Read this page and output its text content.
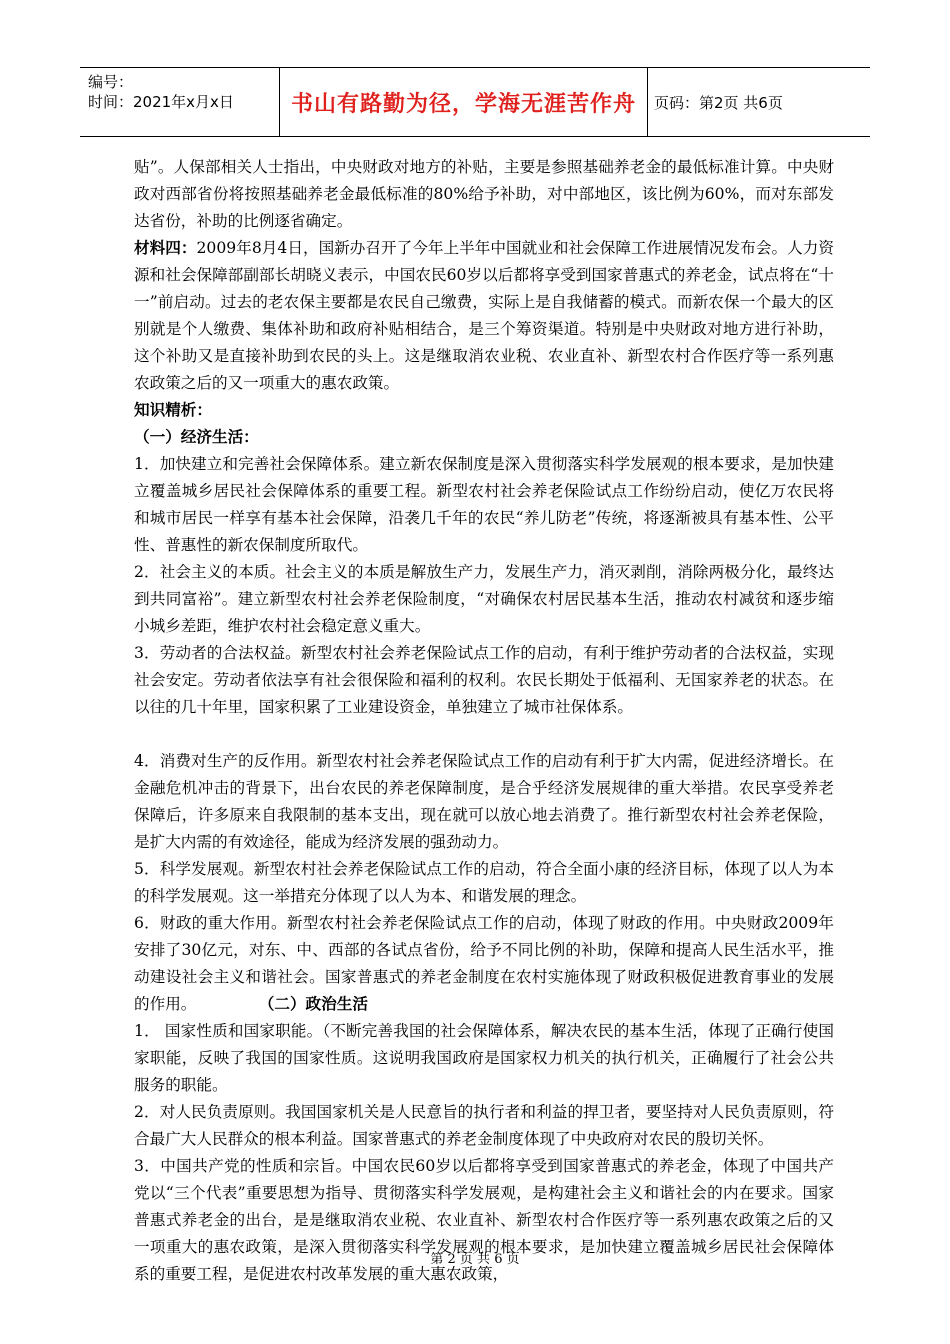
编号：
时间：2021年x月x日	书山有路勤为径，学海无涯苦作舟	页码：第2页 共6页

贴”。人保部相关人士指出，中央财政对地方的补贴，主要是参照基础养老金的最低标准计算。中央财政对西部省份将按照基础养老金最低标准的80%给予补助，对中部地区，该比例为60%，而对东部发达省份，补助的比例逐省确定。

材料四：2009年8月4日，国新办召开了今年上半年中国就业和社会保障工作进展情况发布会。人力资源和社会保障部副部长胡晓义表示，中国农民60岁以后都将享受到国家普惠式的养老金，试点将在“十一”前启动。过去的老农保主要都是农民自己缴费，实际上是自我储蓄的模式。而新农保一个最大的区别就是个人缴费、集体补助和政府补贴相结合，是三个筹资渠道。特别是中央财政对地方进行补助，这个补助又是直接补助到农民的头上。这是继取消农业税、农业直补、新型农村合作医疗等一系列惠农政策之后的又一项重大的惠农政策。

知识精析：

（一）经济生活：

1．加快建立和完善社会保障体系。建立新农保制度是深入贯彻落实科学发展观的根本要求，是加快建立覆盖城乡居民社会保障体系的重要工程。新型农村社会养老保险试点工作纷纷启动，使亿万农民将和城市居民一样享有基本社会保障，沿袭几千年的农民“养儿防老”传统，将逐渐被具有基本性、公平性、普惠性的新农保制度所取代。

2．社会主义的本质。社会主义的本质是解放生产力，发展生产力，消灭剥削，消除两极分化，最终达到共同富裕”。建立新型农村社会养老保险制度，“对确保农村居民基本生活，推动农村减贫和逐步缩小城乡差距，维护农村社会稳定意义重大。

3．劳动者的合法权益。新型农村社会养老保险试点工作的启动，有利于维护劳动者的合法权益，实现社会安定。劳动者依法享有社会很保险和福利的权利。农民长期处于低福利、无国家养老的状态。在以往的几十年里，国家积累了工业建设资金，单独建立了城市社保体系。

4．消费对生产的反作用。新型农村社会养老保险试点工作的启动有利于扩大内需，促进经济增长。在金融危机冲击的背景下，出台农民的养老保障制度，是合乎经济发展规律的重大举措。农民享受养老保障后，许多原来自我限制的基本支出，现在就可以放心地去消费了。推行新型农村社会养老保险，是扩大内需的有效途径，能成为经济发展的强劲动力。

5．科学发展观。新型农村社会养老保险试点工作的启动，符合全面小康的经济目标，体现了以人为本的科学发展观。这一举措充分体现了以人为本、和谐发展的理念。

6．财政的重大作用。新型农村社会养老保险试点工作的启动，体现了财政的作用。中央财政2009年安排了30亿元，对东、中、西部的各试点省份，给予不同比例的补助，保障和提高人民生活水平，推动建设社会主义和谐社会。国家普惠式的养老金制度在农村实施体现了财政积极促进教育事业的发展的作用。    	（二）政治生活

1． 国家性质和国家职能。（不断完善我国的社会保障体系，解决农民的基本生活，体现了正确行使国家职能，反映了我国的国家性质。这说明我国政府是国家权力机关的执行机关，正确履行了社会公共服务的职能。

2．对人民负责原则。我国国家机关是人民意旨的执行者和利益的捍卫者，要坚持对人民负责原则，符合最广大人民群众的根本利益。国家普惠式的养老金制度体现了中央政府对农民的殷切关怀。

3．中国共产党的性质和宗旨。中国农民60岁以后都将享受到国家普惠式的养老金，体现了中国共产党以“三个代表”重要思想为指导、贯彻落实科学发展观，是构建社会主义和谐社会的内在要求。国家普惠式养老金的出台，是是继取消农业税、农业直补、新型农村合作医疗等一系列惠农政策之后的又一项重大的惠农政策，是深入贯彻落实科学发展观的根本要求，是加快建立覆盖城乡居民社会保障体系的重要工程，是促进农村改革发展的重大惠农政策，

第 2 页 共 6 页
